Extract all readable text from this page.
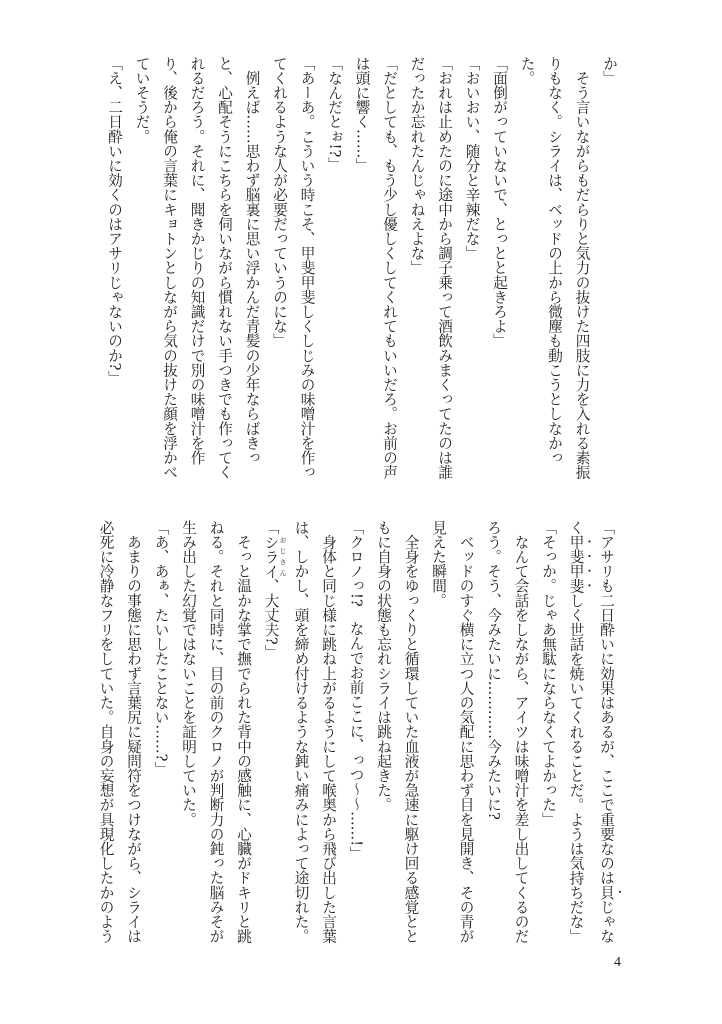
か」
　そう言いながらもだらりと気力の抜けた四肢に力を入れる素振
りもなく。シライは、ベッドの上から微塵も動こうとしなかっ
た。
「面倒がっていないで、とっとと起きろよ」
「おいおい、随分と辛辣だな」
「おれは止めたのに途中から調子乗って酒飲みまくってたのは誰
だったか忘れたんじゃねえよな」
「だとしても、もう少し優しくしてくれてもいいだろ。お前の声
は頭に響く……」
「なんだとぉ!?」
「あーあ。こういう時こそ、甲斐甲斐しくしじみの味噌汁を作っ
てくれるような人が必要だっていうのにな」
　例えば……思わず脳裏に思い浮かんだ青髪の少年ならばきっ
と、心配そうにこちらを伺いながら慣れない手つきでも作ってく
れるだろう。それに、聞きかじりの知識だけで別の味噌汁を作
り、後から俺の言葉にキョトンとしながら気の抜けた顔を浮かべ
ていそうだ。
「え、二日酔いに効くのはアサリじゃないのか?」
「アサリも二日酔いに効果はあるが、ここで重要なのは貝じゃな
く甲斐甲斐しく世話を焼いてくれることだ。ようは気持ちだな」
「そっか。じゃあ無駄にならなくてよかった」
　なんて会話をしながら、アイツは味噌汁を差し出してくるのだ
ろう。そう、今みたいに…………今みたいに?
　ベッドのすぐ横に立つ人の気配に思わず目を見開き、その青が
見えた瞬間。
　全身をゆっくりと循環していた血液が急速に駆け回る感覚とと
もに自身の状態も忘れシライは跳ね起きた。
「クロノっ!?　なんでお前ここに、っつ〜〜……!」
　身体と同じ様に跳ね上がるようにして喉奥から飛び出した言葉
は、しかし、頭を締め付けるような鈍い痛みによって途切れた。
「シライ おじさん、大丈夫?」
　そっと温かな掌で撫でられた背中の感触に、心臓がドキリと跳
ねる。それと同時に、目の前のクロノが判断力の鈍った脳みそが
生み出した幻覚ではないことを証明していた。
「あ、あぁ、たいしたことない……?」
　あまりの事態に思わず言葉尻に疑問符をつけながら、シライは
必死に冷静なフリをしていた。自身の妄想が具現化したかのよう
4
